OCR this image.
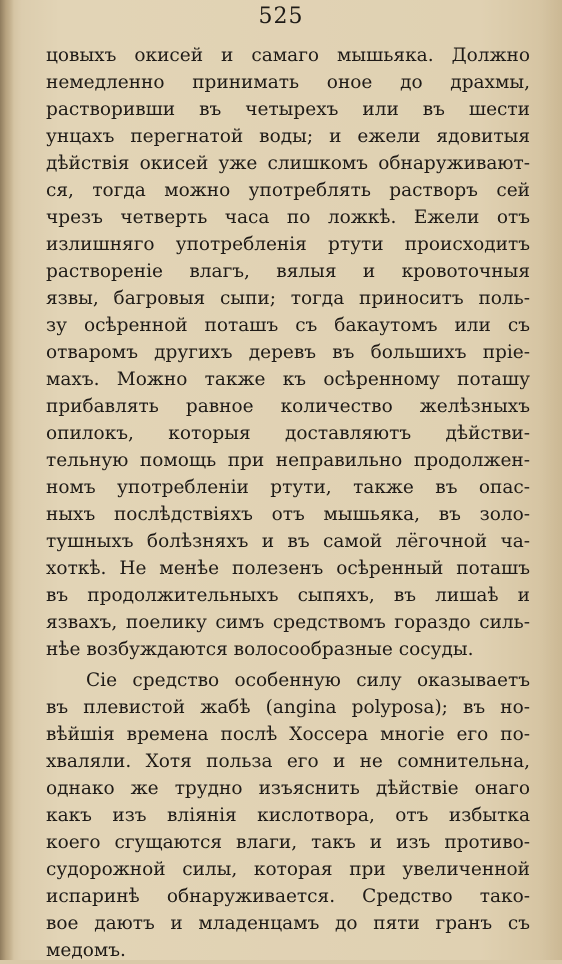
525
цовыхъ окисей и самаго мышьяка. Должно
немедленно принимать оное до драхмы,
растворивши въ четырехъ или въ шести
унцахъ перегнатой воды; и ежели ядовитыя
дѣйствія окисей уже слишкомъ обнаруживают-
ся, тогда можно употреблять растворъ сей
чрезъ четверть часа по ложкѣ. Ежели отъ
излишняго употребленія ртути происходитъ
раствореніе влагъ, вялыя и кровоточныя
язвы, багровыя сыпи; тогда приноситъ поль-
зу осѣренной поташъ съ бакаутомъ или съ
отваромъ другихъ деревъ въ большихъ пріе-
махъ. Можно также къ осѣренному поташу
прибавлять равное количество желѣзныхъ
опилокъ, которыя доставляютъ дѣйстви-
тельную помощь при неправильно продолжен-
номъ употребленіи ртути, также въ опас-
ныхъ послѣдствіяхъ отъ мышьяка, въ золо-
тушныхъ болѣзняхъ и въ самой лёгочной ча-
хоткѣ. Не менѣе полезенъ осѣренный поташъ
въ продолжительныхъ сыпяхъ, въ лишаѣ и
язвахъ, поелику симъ средствомъ гораздо силь-
нѣе возбуждаются волосообразные сосуды.
Сіе средство особенную силу оказываетъ
въ плевистой жабѣ (angina polyposa); въ но-
вѣйшія времена послѣ Хоссера многіе его по-
хваляли. Хотя польза его и не сомнительна,
однако же трудно изъяснить дѣйствіе онаго
какъ изъ вліянія кислотвора, отъ избытка
коего сгущаются влаги, такъ и изъ противо-
судорожной силы, которая при увеличенной
испаринѣ обнаруживается. Средство тако-
вое даютъ и младенцамъ до пяти гранъ съ
медомъ.
